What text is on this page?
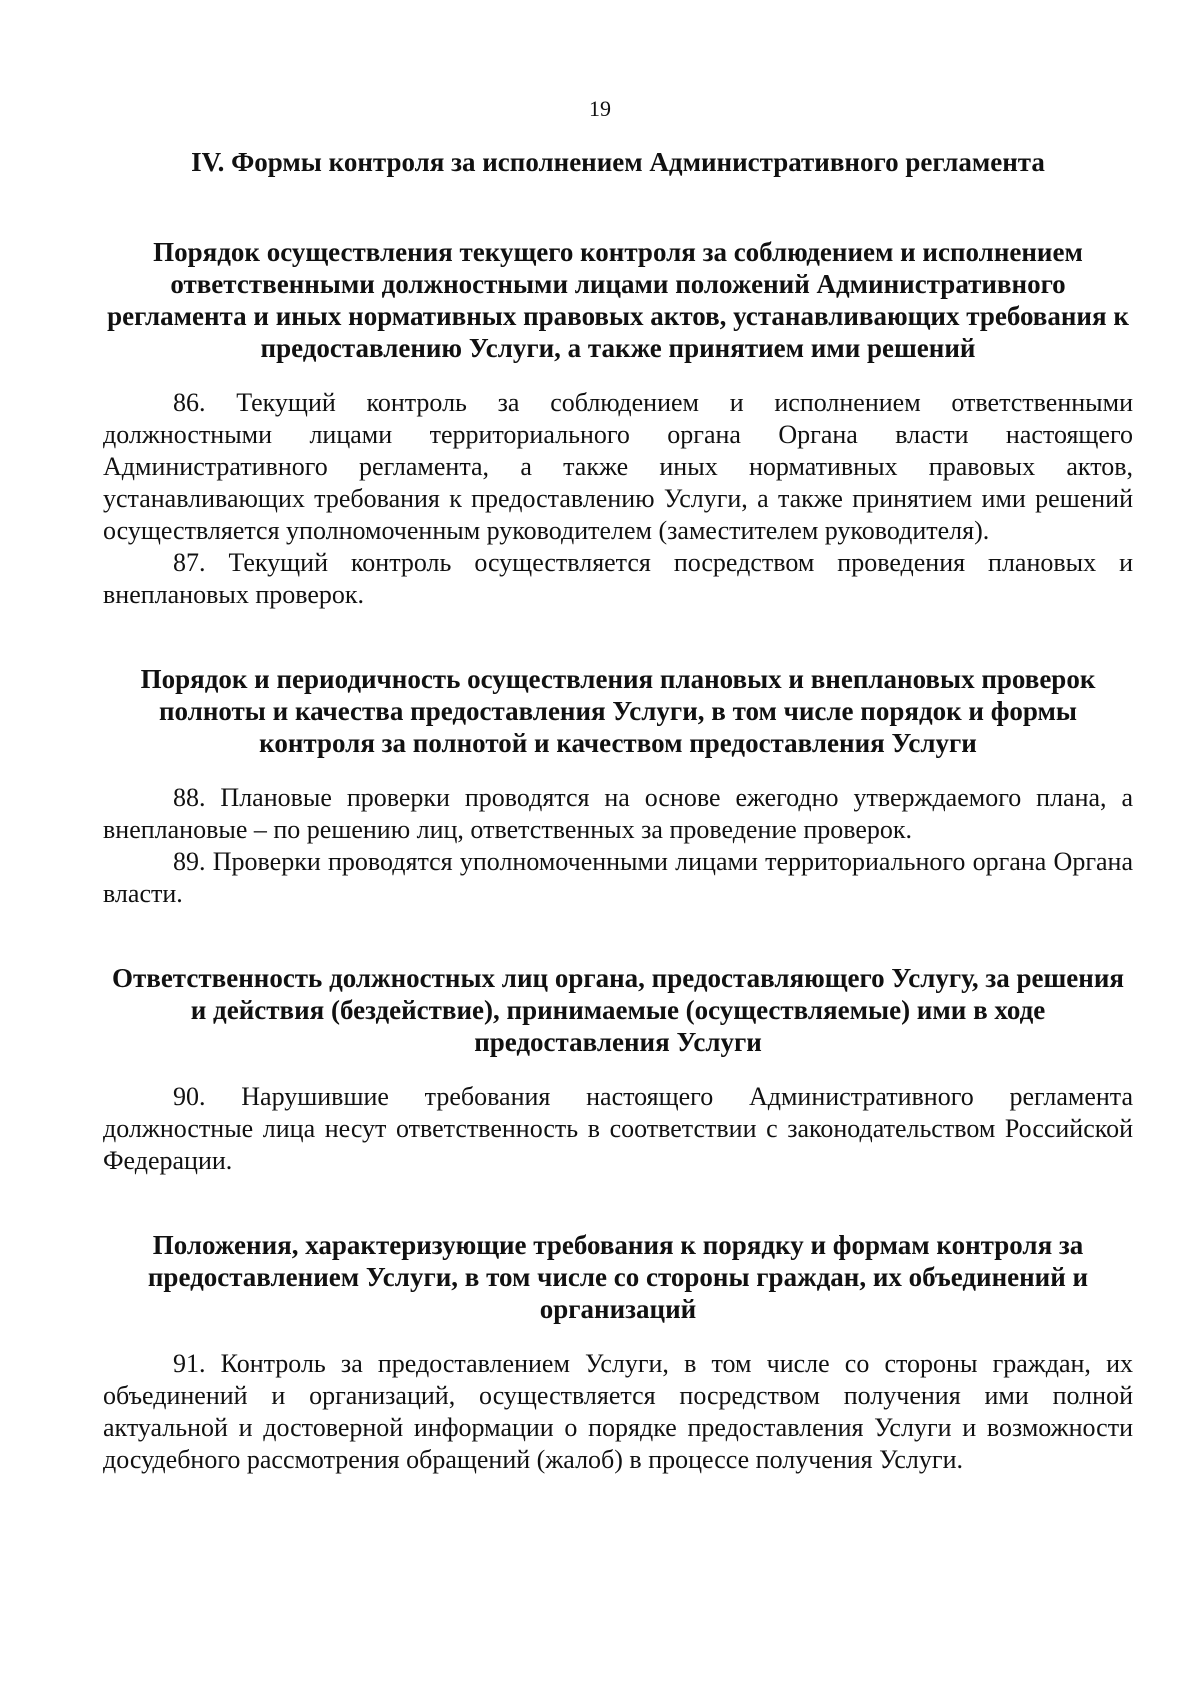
19
IV. Формы контроля за исполнением Административного регламента
Порядок осуществления текущего контроля за соблюдением и исполнением ответственными должностными лицами положений Административного регламента и иных нормативных правовых актов, устанавливающих требования к предоставлению Услуги, а также принятием ими решений

86. Текущий контроль за соблюдением и исполнением ответственными должностными лицами территориального органа Органа власти настоящего Административного регламента, а также иных нормативных правовых актов, устанавливающих требования к предоставлению Услуги, а также принятием ими решений осуществляется уполномоченным руководителем (заместителем руководителя).

87. Текущий контроль осуществляется посредством проведения плановых и внеплановых проверок.

Порядок и периодичность осуществления плановых и внеплановых проверок полноты и качества предоставления Услуги, в том числе порядок и формы контроля за полнотой и качеством предоставления Услуги

88. Плановые проверки проводятся на основе ежегодно утверждаемого плана, а внеплановые – по решению лиц, ответственных за проведение проверок.

89. Проверки проводятся уполномоченными лицами территориального органа Органа власти.

Ответственность должностных лиц органа, предоставляющего Услугу, за решения и действия (бездействие), принимаемые (осуществляемые) ими в ходе предоставления Услуги

90. Нарушившие требования настоящего Административного регламента должностные лица несут ответственность в соответствии с законодательством Российской Федерации.

Положения, характеризующие требования к порядку и формам контроля за предоставлением Услуги, в том числе со стороны граждан, их объединений и организаций

91. Контроль за предоставлением Услуги, в том числе со стороны граждан, их объединений и организаций, осуществляется посредством получения ими полной актуальной и достоверной информации о порядке предоставления Услуги и возможности досудебного рассмотрения обращений (жалоб) в процессе получения Услуги.
